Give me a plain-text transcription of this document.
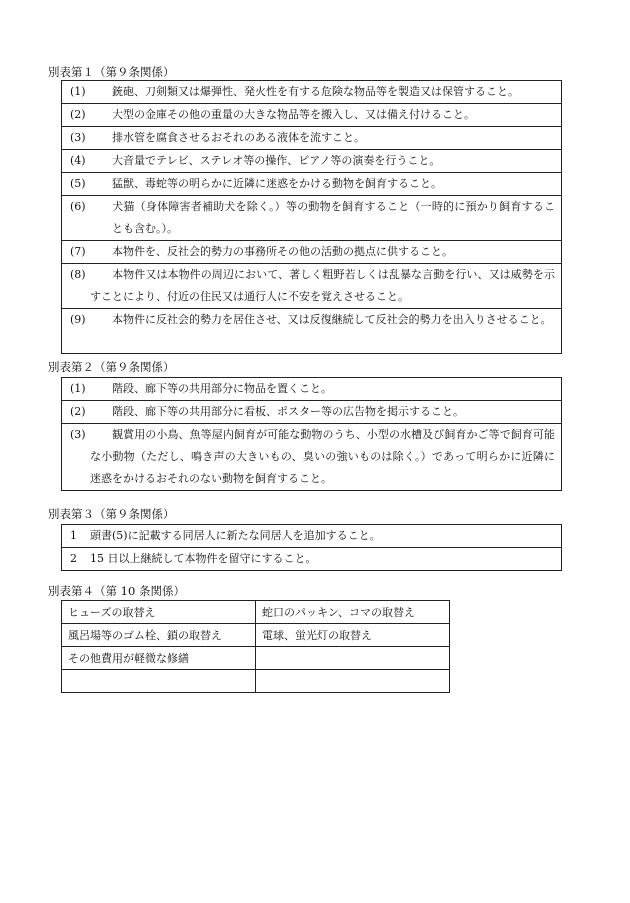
別表第１（第９条関係）
(1)	銃砲、刀剣類又は爆弾性、発火性を有する危険な物品等を製造又は保管すること。

(2)	大型の金庫その他の重量の大きな物品等を搬入し、又は備え付けること。

(3)	排水管を腐食させるおそれのある液体を流すこと。

(4)	大音量でテレビ、ステレオ等の操作、ピアノ等の演奏を行うこと。

(5)	猛獣、毒蛇等の明らかに近隣に迷惑をかける動物を飼育すること。

(6) 犬猫（身体障害者補助犬を除く。）等の動物を飼育すること（一時的に預かり飼育することも含む。）。

(7)	本物件を、反社会的勢力の事務所その他の活動の拠点に供すること。

(8) 本物件又は本物件の周辺において、著しく粗野若しくは乱暴な言動を行い、又は威勢を示すことにより、付近の住民又は通行人に不安を覚えさせること。

(9) 本物件に反社会的勢力を居住させ、又は反復継続して反社会的勢力を出入りさせること。
別表第２（第９条関係）
(1)	階段、廊下等の共用部分に物品を置くこと。

(2)	階段、廊下等の共用部分に看板、ポスター等の広告物を掲示すること。

(3) 観賞用の小鳥、魚等屋内飼育が可能な動物のうち、小型の水槽及び飼育かご等で飼育可能な小動物（ただし、鳴き声の大きいもの、臭いの強いものは除く。）であって明らかに近隣に迷惑をかけるおそれのない動物を飼育すること。
別表第３（第９条関係）
1	頭書(5)に記載する同居人に新たな同居人を追加すること。

2	15 日以上継続して本物件を留守にすること。
別表第４（第 10 条関係）
ヒューズの取替え	蛇口のパッキン、コマの取替え
風呂場等のゴム栓、鎖の取替え	電球、蛍光灯の取替え
その他費用が軽微な修繕	
